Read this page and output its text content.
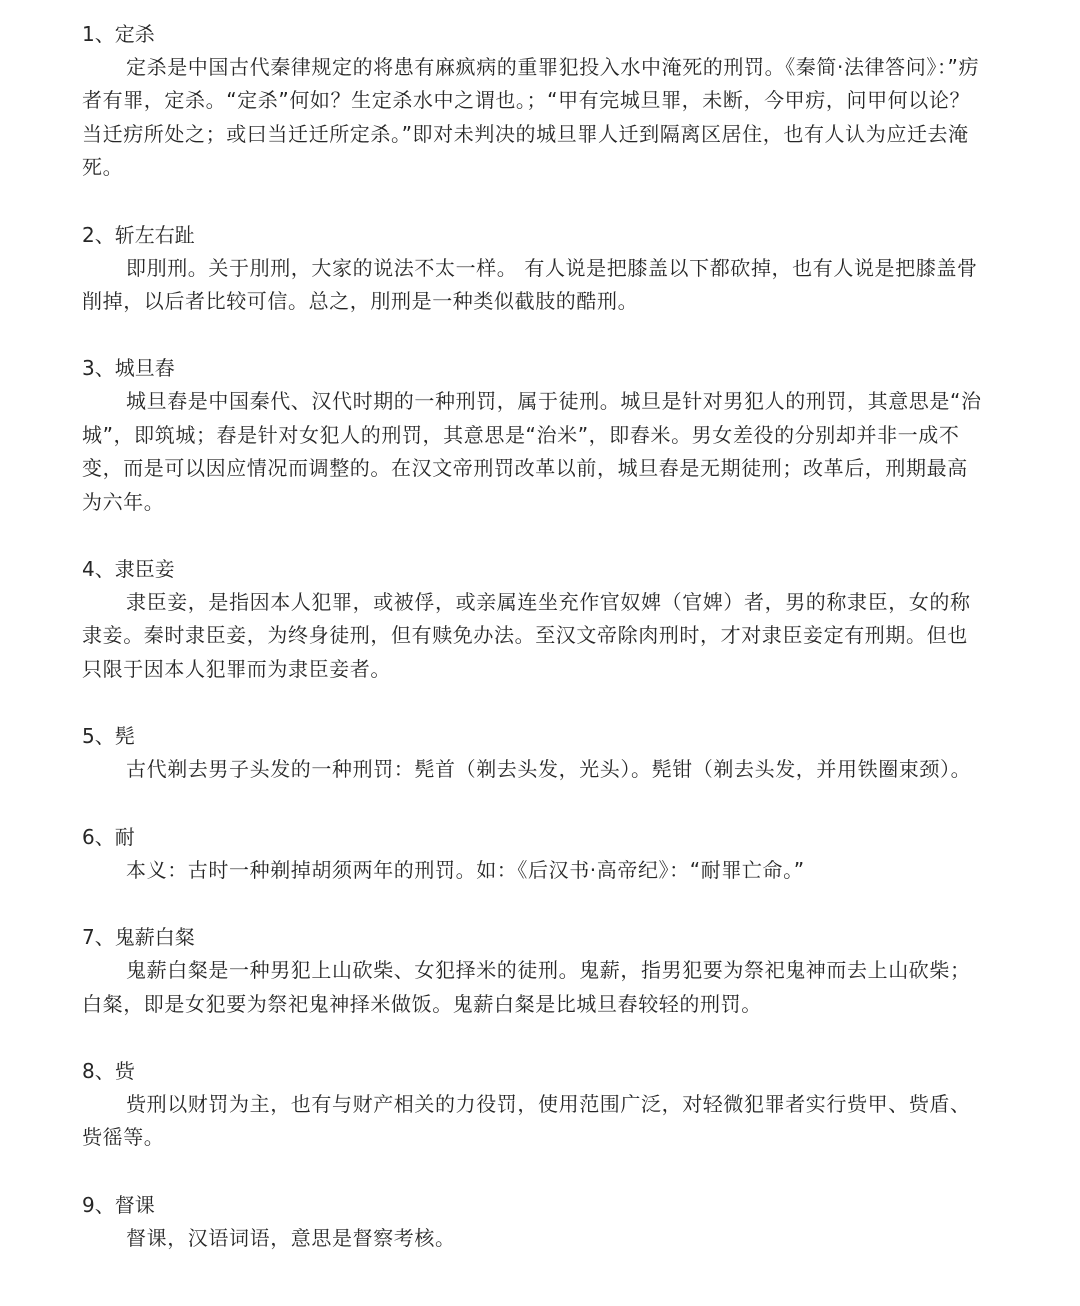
1、定杀
定杀是中国古代秦律规定的将患有麻疯病的重罪犯投入水中淹死的刑罚。《秦简·法律答问》：”疠者有罪，定杀。“定杀”何如？生定杀水中之谓也。；“甲有完城旦罪，未断，今甲疠，问甲何以论？当迁疠所处之；或曰当迁迁所定杀。”即对未判决的城旦罪人迁到隔离区居住，也有人认为应迁去淹死。
2、斩左右趾
即刖刑。关于刖刑，大家的说法不太一样。 有人说是把膝盖以下都砍掉，也有人说是把膝盖骨削掉，以后者比较可信。总之，刖刑是一种类似截肢的酷刑。
3、城旦舂
城旦舂是中国秦代、汉代时期的一种刑罚，属于徒刑。城旦是针对男犯人的刑罚，其意思是“治城”，即筑城；舂是针对女犯人的刑罚，其意思是“治米”，即舂米。男女差役的分别却并非一成不变，而是可以因应情况而调整的。在汉文帝刑罚改革以前，城旦舂是无期徒刑；改革后，刑期最高为六年。
4、隶臣妾
隶臣妾，是指因本人犯罪，或被俘，或亲属连坐充作官奴婢（官婢）者，男的称隶臣，女的称隶妾。秦时隶臣妾，为终身徒刑，但有赎免办法。至汉文帝除肉刑时，才对隶臣妾定有刑期。但也只限于因本人犯罪而为隶臣妾者。
5、髡
古代剃去男子头发的一种刑罚：髡首（剃去头发，光头）。髡钳（剃去头发，并用铁圈束颈）。
6、耐
本义：古时一种剃掉胡须两年的刑罚。如：《后汉书·高帝纪》：“耐罪亡命。”
7、鬼薪白粲
鬼薪白粲是一种男犯上山砍柴、女犯择米的徒刑。鬼薪，指男犯要为祭祀鬼神而去上山砍柴；白粲，即是女犯要为祭祀鬼神择米做饭。鬼薪白粲是比城旦舂较轻的刑罚。
8、赀
赀刑以财罚为主，也有与财产相关的力役罚，使用范围广泛，对轻微犯罪者实行赀甲、赀盾、赀徭等。
9、督课
督课，汉语词语，意思是督察考核。
